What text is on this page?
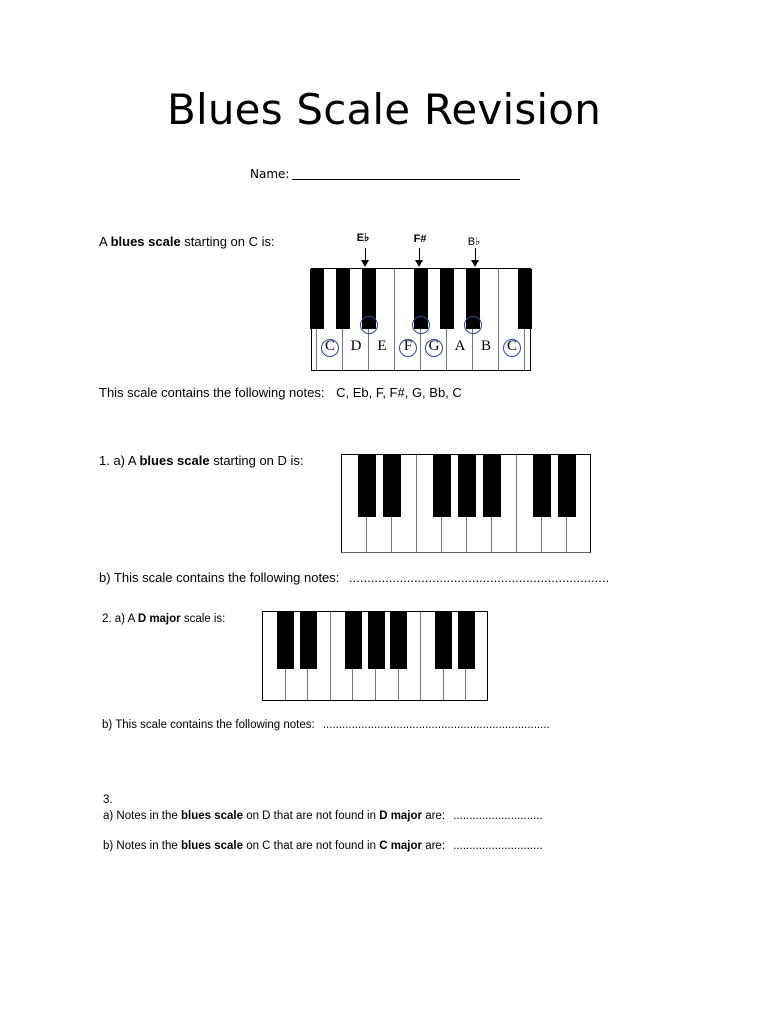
Blues Scale Revision
Name:
A blues scale starting on C is:	E♭	F#	B♭
C	D	E	F	G	A	B	C
This scale contains the following notes: C, Eb, F, F#, G, Bb, C
1. a) A blues scale starting on D is:
b) This scale contains the following notes: ........................................................................
2. a) A D major scale is:
b) This scale contains the following notes: .......................................................................
3.
a) Notes in the blues scale on D that are not found in D major are: ............................
b) Notes in the blues scale on C that are not found in C major are: ............................
